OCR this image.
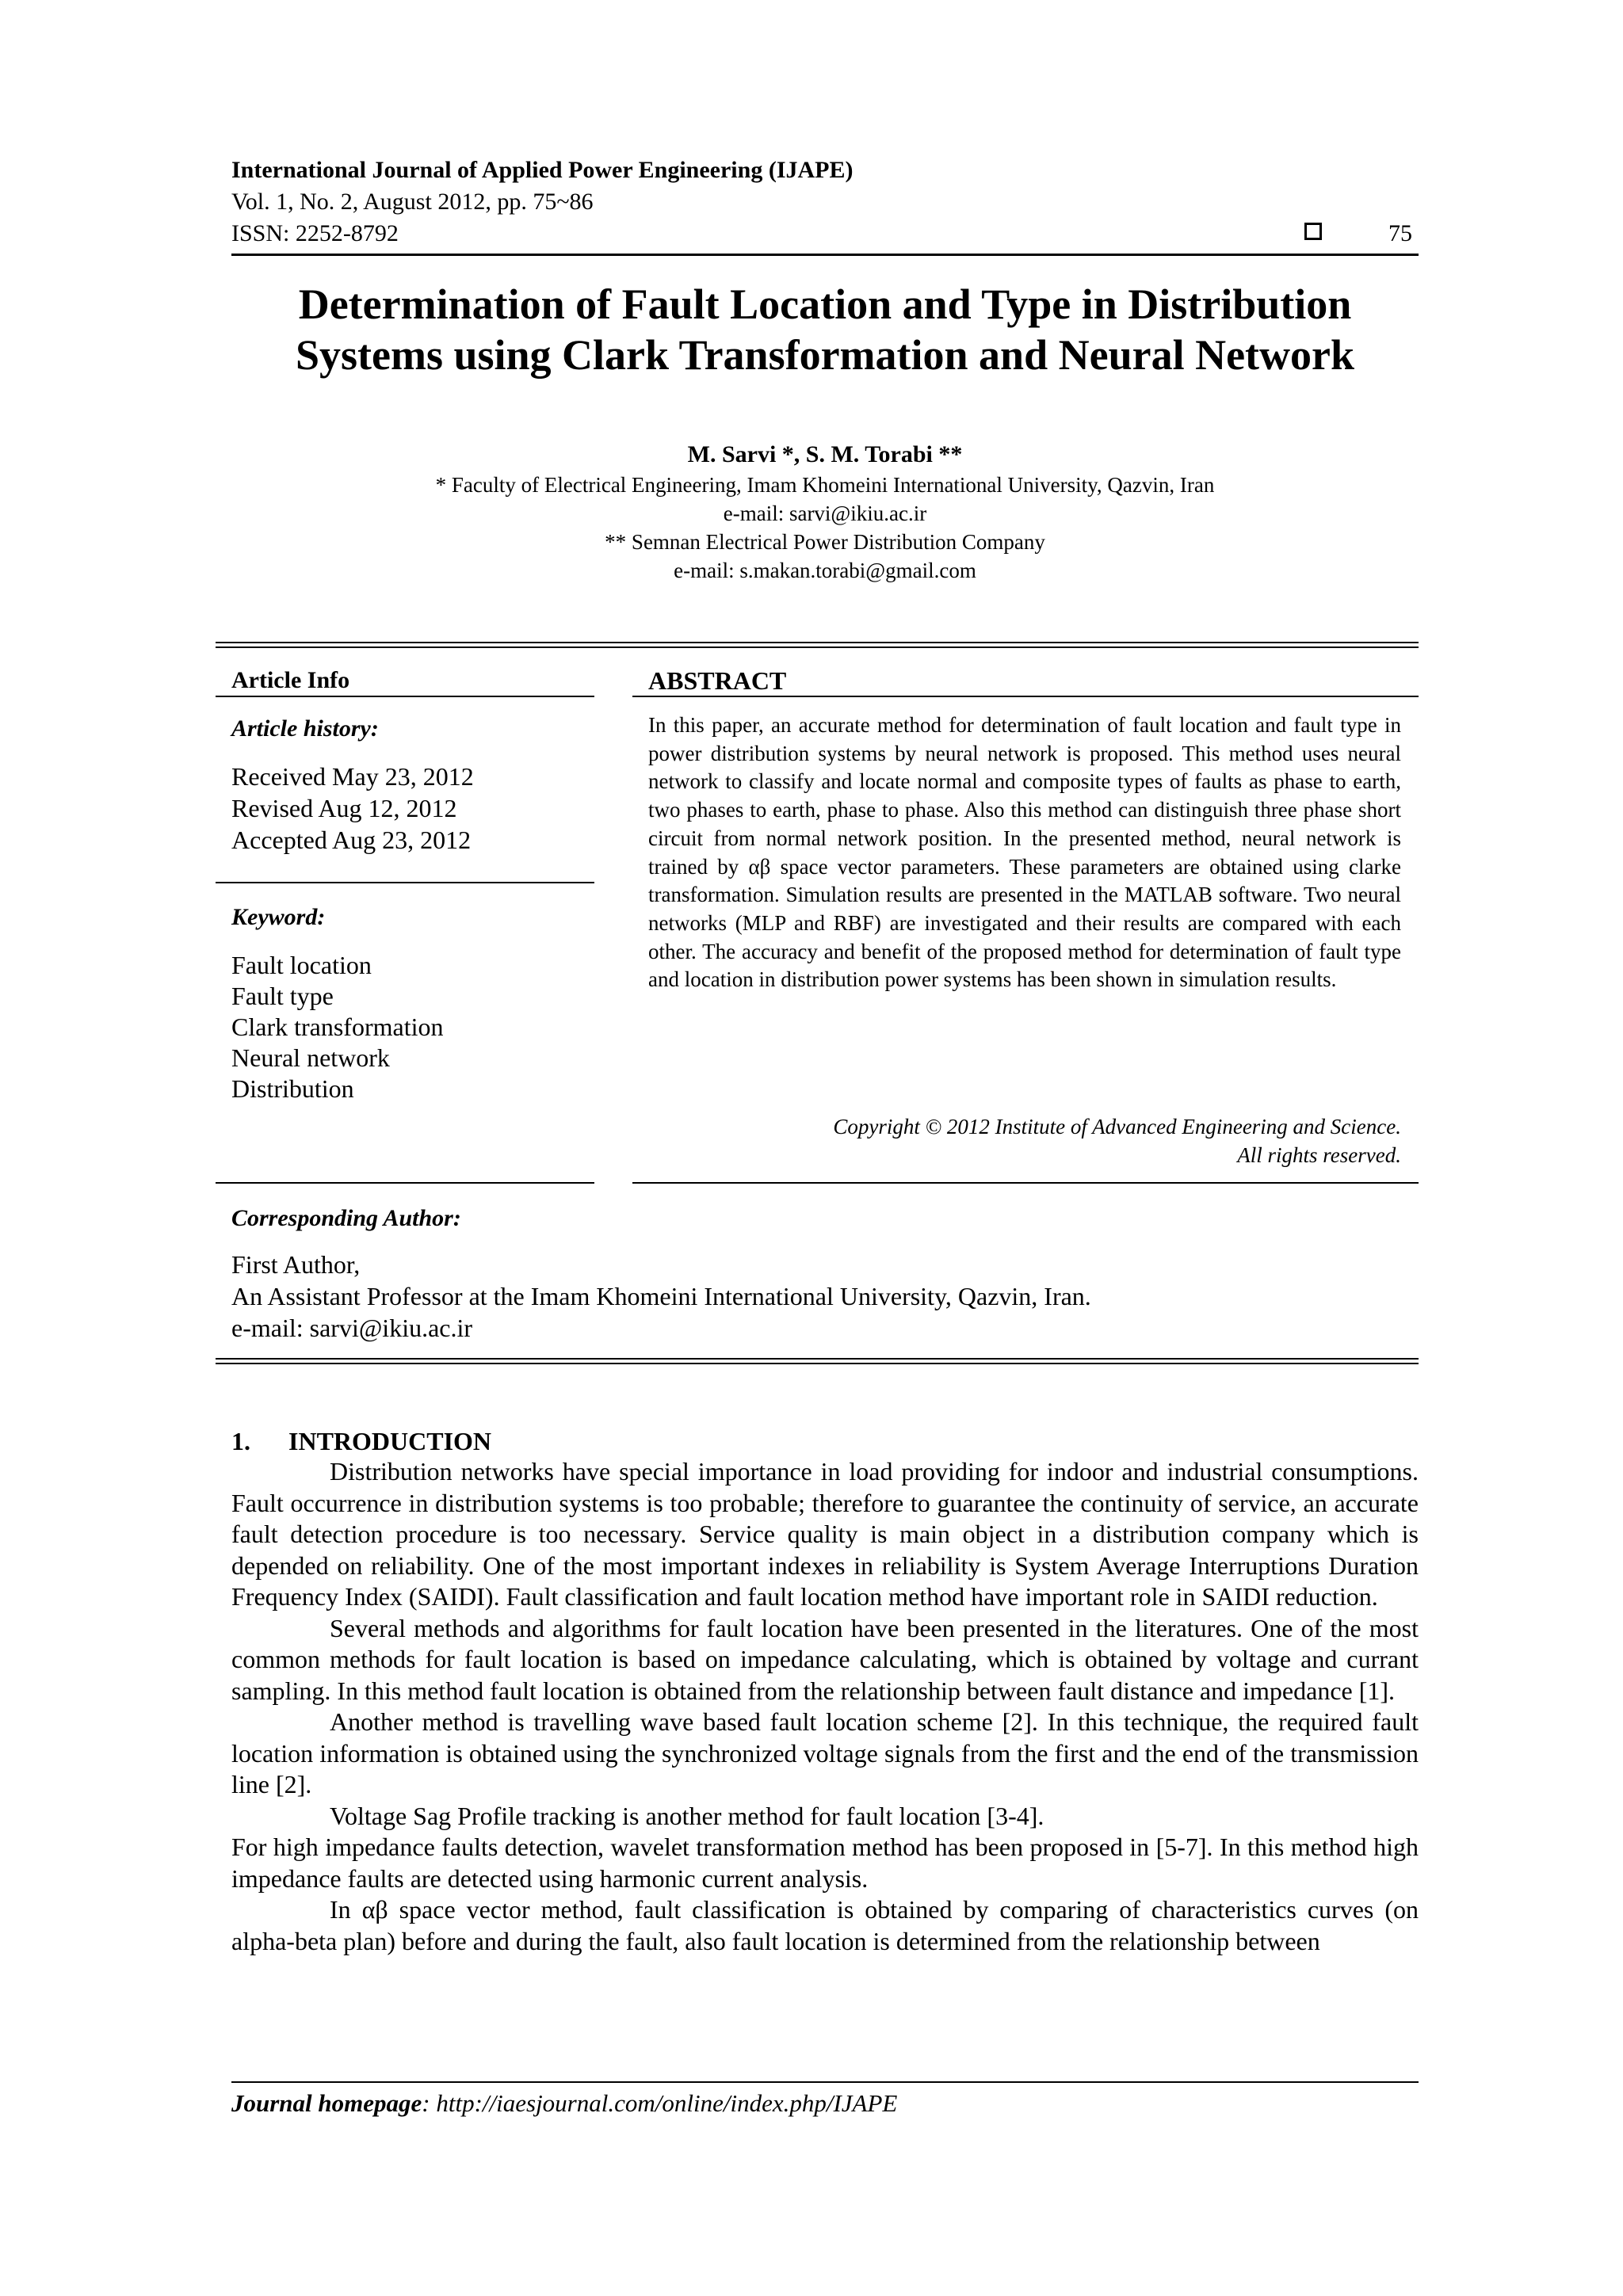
International Journal of Applied Power Engineering (IJAPE)
Vol. 1, No. 2, August 2012, pp. 75~86
ISSN: 2252-8792	75
Determination of Fault Location and Type in Distribution Systems using Clark Transformation and Neural Network
M. Sarvi *, S. M. Torabi **
* Faculty of Electrical Engineering, Imam Khomeini International University, Qazvin, Iran
e-mail: sarvi@ikiu.ac.ir
** Semnan Electrical Power Distribution Company
e-mail: s.makan.torabi@gmail.com
Article Info
Article history:
Received May 23, 2012
Revised Aug 12, 2012
Accepted Aug 23, 2012
Keyword:
Fault location
Fault type
Clark transformation
Neural network
Distribution
ABSTRACT
In this paper, an accurate method for determination of fault location and fault type in power distribution systems by neural network is proposed. This method uses neural network to classify and locate normal and composite types of faults as phase to earth, two phases to earth, phase to phase. Also this method can distinguish three phase short circuit from normal network position. In the presented method, neural network is trained by αβ space vector parameters. These parameters are obtained using clarke transformation. Simulation results are presented in the MATLAB software. Two neural networks (MLP and RBF) are investigated and their results are compared with each other. The accuracy and benefit of the proposed method for determination of fault type and location in distribution power systems has been shown in simulation results.
Copyright © 2012 Institute of Advanced Engineering and Science.
All rights reserved.
Corresponding Author:
First Author,
An Assistant Professor at the Imam Khomeini International University, Qazvin, Iran.
e-mail: sarvi@ikiu.ac.ir
1. INTRODUCTION

Distribution networks have special importance in load providing for indoor and industrial consumptions. Fault occurrence in distribution systems is too probable; therefore to guarantee the continuity of service, an accurate fault detection procedure is too necessary. Service quality is main object in a distribution company which is depended on reliability. One of the most important indexes in reliability is System Average Interruptions Duration Frequency Index (SAIDI). Fault classification and fault location method have important role in SAIDI reduction.

Several methods and algorithms for fault location have been presented in the literatures. One of the most common methods for fault location is based on impedance calculating, which is obtained by voltage and currant sampling. In this method fault location is obtained from the relationship between fault distance and impedance [1].

Another method is travelling wave based fault location scheme [2]. In this technique, the required fault location information is obtained using the synchronized voltage signals from the first and the end of the transmission line [2].

Voltage Sag Profile tracking is another method for fault location [3-4].

For high impedance faults detection, wavelet transformation method has been proposed in [5-7]. In this method high impedance faults are detected using harmonic current analysis.

In αβ space vector method, fault classification is obtained by comparing of characteristics curves (on alpha-beta plan) before and during the fault, also fault location is determined from the relationship between

Journal homepage: http://iaesjournal.com/online/index.php/IJAPE
